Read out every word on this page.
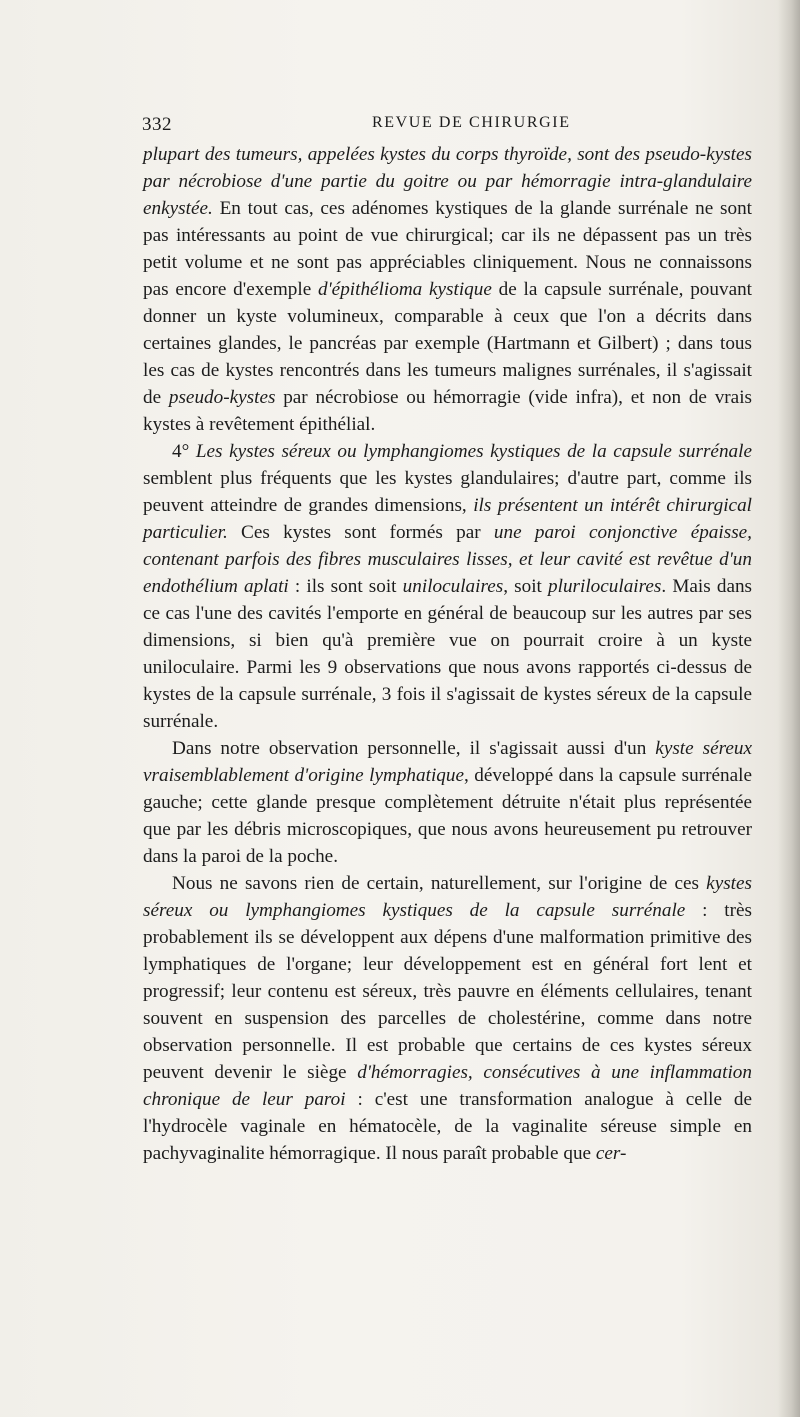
332	REVUE DE CHIRURGIE

plupart des tumeurs, appelées kystes du corps thyroïde, sont des pseudo-kystes par nécrobiose d'une partie du goitre ou par hémorragie intra-glandulaire enkystée. En tout cas, ces adénomes kystiques de la glande surrénale ne sont pas intéressants au point de vue chirurgical; car ils ne dépassent pas un très petit volume et ne sont pas appréciables cliniquement. Nous ne connaissons pas encore d'exemple d'épithélioma kystique de la capsule surrénale, pouvant donner un kyste volumineux, comparable à ceux que l'on a décrits dans certaines glandes, le pancréas par exemple (Hartmann et Gilbert) ; dans tous les cas de kystes rencontrés dans les tumeurs malignes surrénales, il s'agissait de pseudo-kystes par nécrobiose ou hémorragie (vide infra), et non de vrais kystes à revêtement épithélial.

4° Les kystes séreux ou lymphangiomes kystiques de la capsule surrénale semblent plus fréquents que les kystes glandulaires; d'autre part, comme ils peuvent atteindre de grandes dimensions, ils présentent un intérêt chirurgical particulier. Ces kystes sont formés par une paroi conjonctive épaisse, contenant parfois des fibres musculaires lisses, et leur cavité est revêtue d'un endothélium aplati : ils sont soit uniloculaires, soit pluriloculaires. Mais dans ce cas l'une des cavités l'emporte en général de beaucoup sur les autres par ses dimensions, si bien qu'à première vue on pourrait croire à un kyste uniloculaire. Parmi les 9 observations que nous avons rapportés ci-dessus de kystes de la capsule surrénale, 3 fois il s'agissait de kystes séreux de la capsule surrénale.

Dans notre observation personnelle, il s'agissait aussi d'un kyste séreux vraisemblablement d'origine lymphatique, développé dans la capsule surrénale gauche; cette glande presque complètement détruite n'était plus représentée que par les débris microscopiques, que nous avons heureusement pu retrouver dans la paroi de la poche.

Nous ne savons rien de certain, naturellement, sur l'origine de ces kystes séreux ou lymphangiomes kystiques de la capsule surrénale : très probablement ils se développent aux dépens d'une malformation primitive des lymphatiques de l'organe; leur développement est en général fort lent et progressif; leur contenu est séreux, très pauvre en éléments cellulaires, tenant souvent en suspension des parcelles de cholestérine, comme dans notre observation personnelle. Il est probable que certains de ces kystes séreux peuvent devenir le siège d'hémorragies, consécutives à une inflammation chronique de leur paroi : c'est une transformation analogue à celle de l'hydrocèle vaginale en hématocèle, de la vaginalite séreuse simple en pachyvaginalite hémorragique. Il nous paraît probable que cer-
